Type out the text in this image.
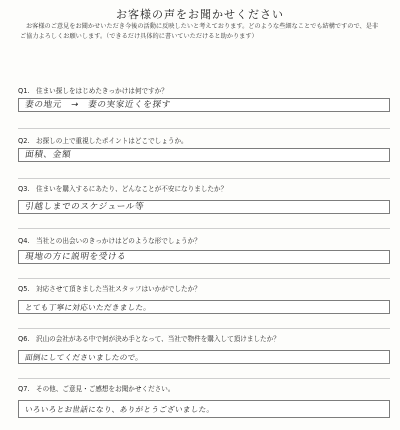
お客様の声をお聞かせください
お客様のご意見をお聞かせいただき今後の活動に反映したいと考えております。どのような些細なことでも結構ですので、是非ご協力よろしくお願いします。（できるだけ具体的に書いていただけると助かります）
Q1. 住まい探しをはじめたきっかけは何ですか？
妻の地元　→　妻の実家近くを探す
Q2. お探しの上で重視したポイントはどこでしょうか。
面積、金額
Q3. 住まいを購入するにあたり、どんなことが不安になりましたか？
引越しまでのスケジュール等
Q4. 当社との出会いのきっかけはどのような形でしょうか？
現地の方に説明を受ける
Q5. 対応させて頂きました当社スタッフはいかがでしたか？
とても丁寧に対応いただきました。
Q6. 沢山の会社がある中で何が決め手となって、当社で物件を購入して頂けましたか？
面倒にしてくださいましたので。
Q7. その他、ご意見・ご感想をお聞かせください。
いろいろとお世話になり、ありがとうございました。
